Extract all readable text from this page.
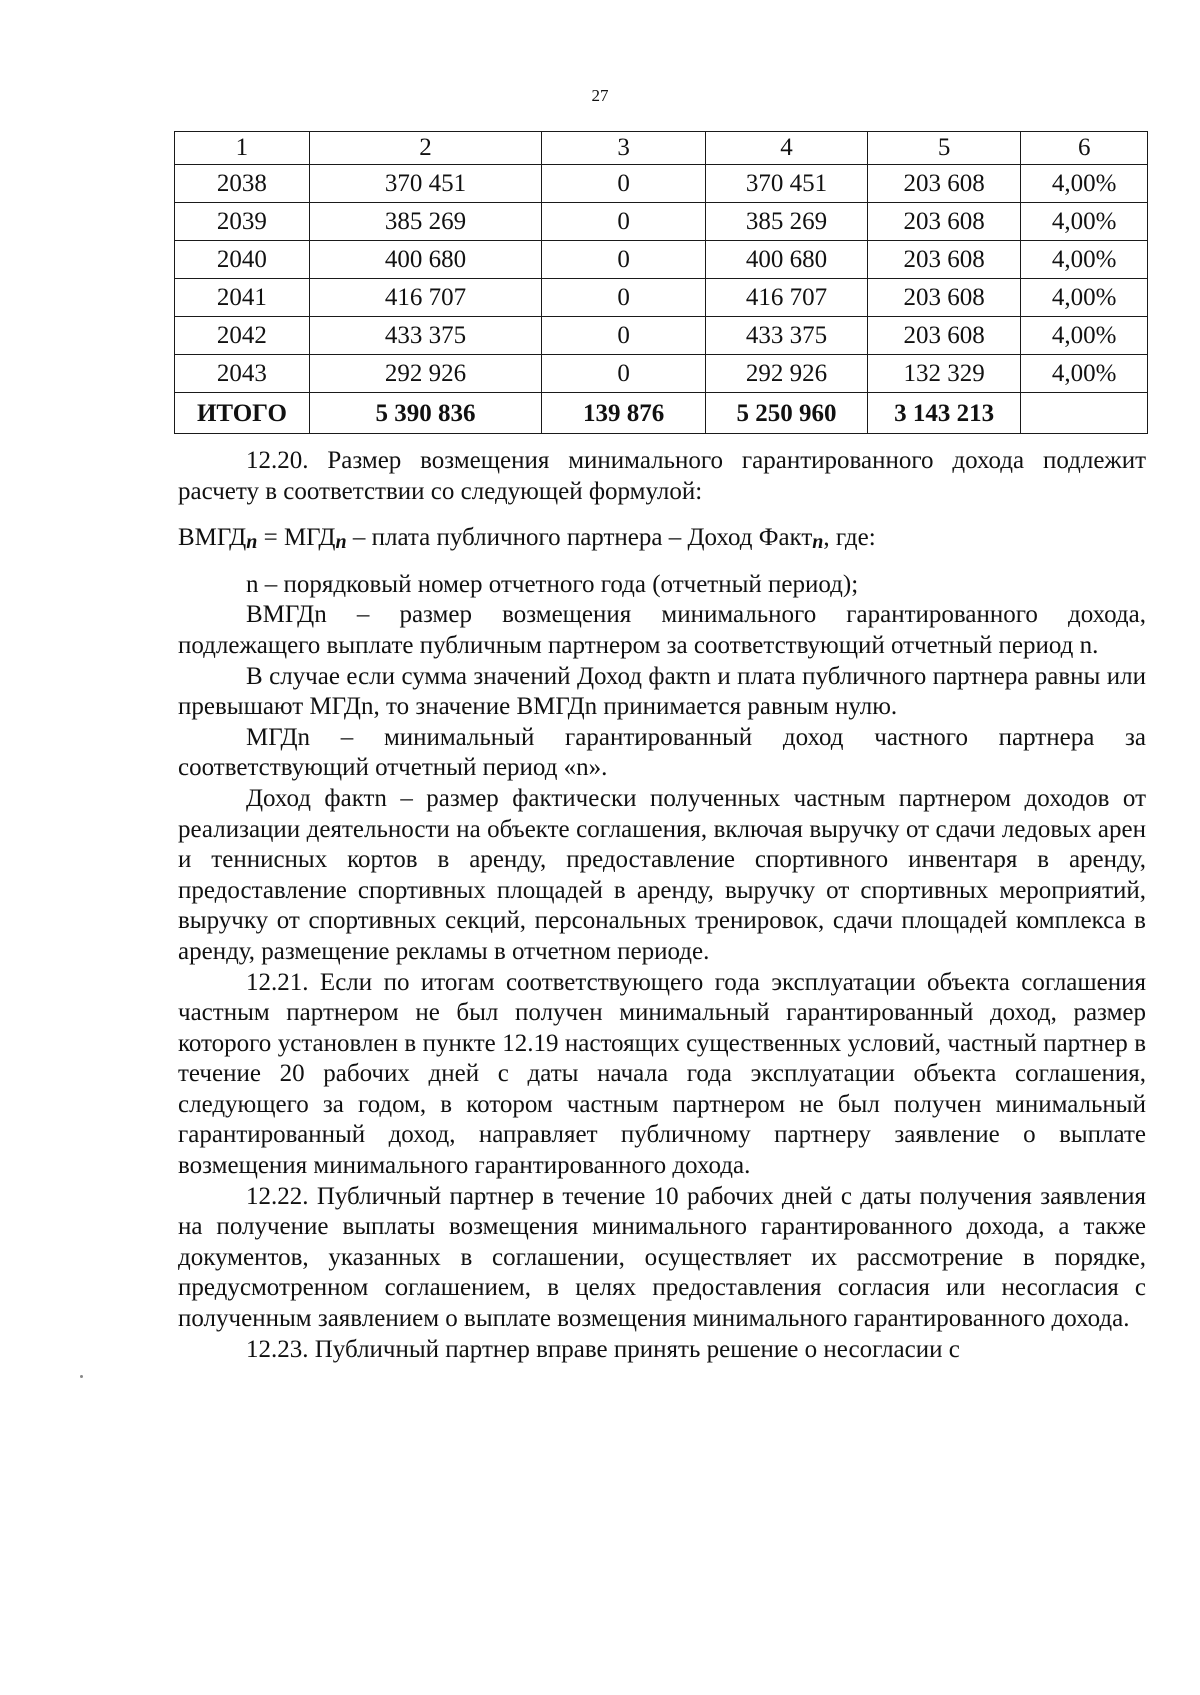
27
1	2	3	4	5	6
2038	370 451	0	370 451	203 608	4,00%
2039	385 269	0	385 269	203 608	4,00%
2040	400 680	0	400 680	203 608	4,00%
2041	416 707	0	416 707	203 608	4,00%
2042	433 375	0	433 375	203 608	4,00%
2043	292 926	0	292 926	132 329	4,00%
ИТОГО	5 390 836	139 876	5 250 960	3 143 213	

12.20. Размер возмещения минимального гарантированного дохода подлежит расчету в соответствии со следующей формулой:

ВМГДn = МГДn – плата публичного партнера – Доход Фактn, где:

n – порядковый номер отчетного года (отчетный период);

ВМГДn – размер возмещения минимального гарантированного дохода, подлежащего выплате публичным партнером за соответствующий отчетный период n.

В случае если сумма значений Доход фактn и плата публичного партнера равны или превышают МГДn, то значение ВМГДn принимается равным нулю.

МГДn – минимальный гарантированный доход частного партнера за соответствующий отчетный период «n».

Доход фактn – размер фактически полученных частным партнером доходов от реализации деятельности на объекте соглашения, включая выручку от сдачи ледовых арен и теннисных кортов в аренду, предоставление спортивного инвентаря в аренду, предоставление спортивных площадей в аренду, выручку от спортивных мероприятий, выручку от спортивных секций, персональных тренировок, сдачи площадей комплекса в аренду, размещение рекламы в отчетном периоде.

12.21. Если по итогам соответствующего года эксплуатации объекта соглашения частным партнером не был получен минимальный гарантированный доход, размер которого установлен в пункте 12.19 настоящих существенных условий, частный партнер в течение 20 рабочих дней с даты начала года эксплуатации объекта соглашения, следующего за годом, в котором частным партнером не был получен минимальный гарантированный доход, направляет публичному партнеру заявление о выплате возмещения минимального гарантированного дохода.

12.22. Публичный партнер в течение 10 рабочих дней с даты получения заявления на получение выплаты возмещения минимального гарантированного дохода, а также документов, указанных в соглашении, осуществляет их рассмотрение в порядке, предусмотренном соглашением, в целях предоставления согласия или несогласия с полученным заявлением о выплате возмещения минимального гарантированного дохода.

12.23. Публичный партнер вправе принять решение о несогласии с
